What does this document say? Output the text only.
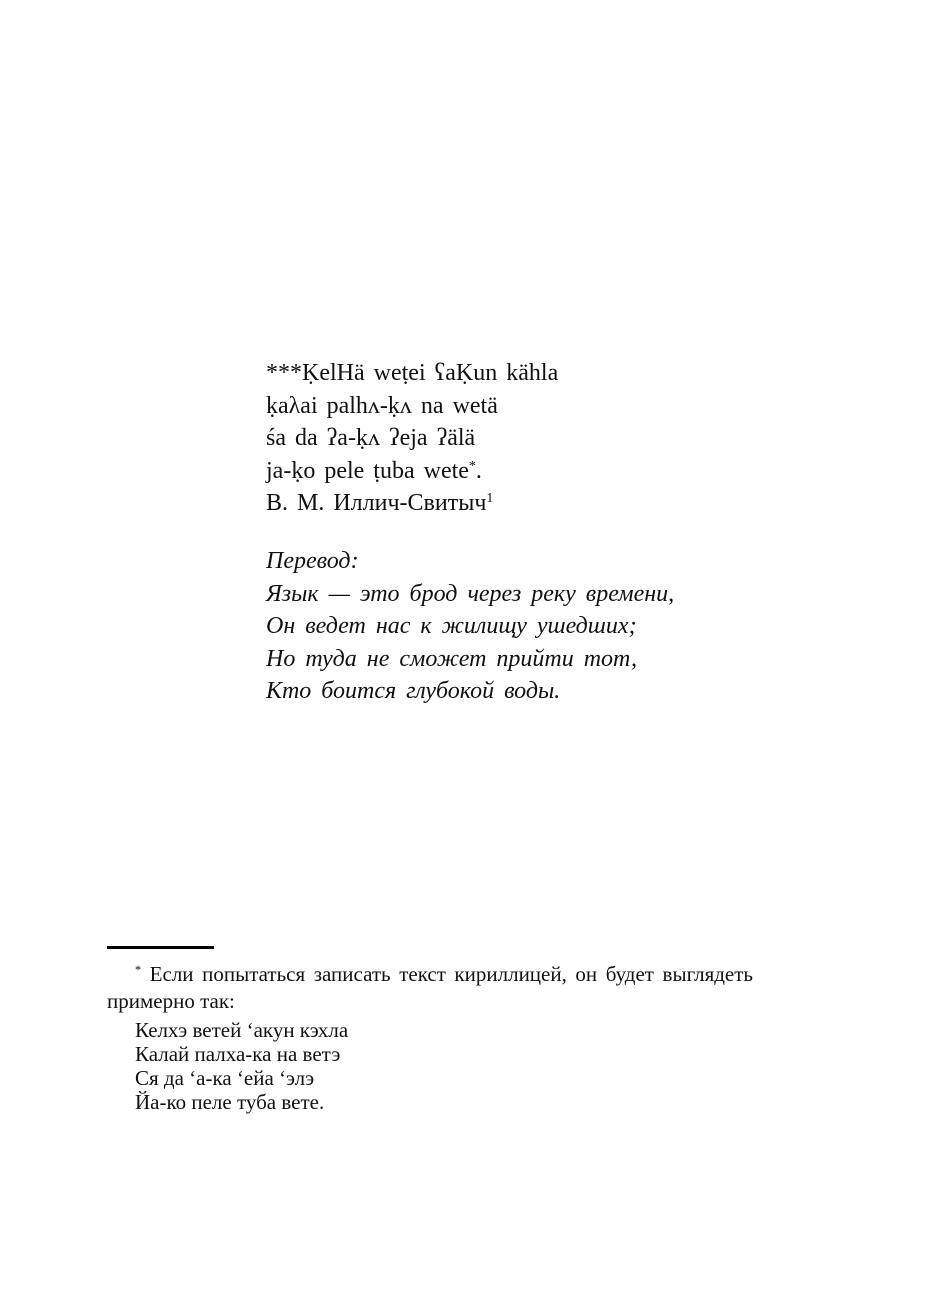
***ḲelHä weṭei ʕaḲun kähla
ḳaλai palhʌ-ḳʌ na wetä
śa da ʔa-ḳʌ ʔeja ʔälä
ja-ḳo pele ṭuba wete*.
В. М. Иллич-Свитыч$^1$
Перевод:
Язык — это брод через реку времени,
Он ведет нас к жилищу ушедших;
Но туда не сможет прийти тот,
Кто боится глубокой воды.
* Если попытаться записать текст кириллицей, он будет выглядеть
примерно так:
Келхэ ветей ‘акун кэхла
Калай палха-ка на ветэ
Ся да ‘а-ка ‘ейа ‘элэ
Йа-ко пеле туба вете.
